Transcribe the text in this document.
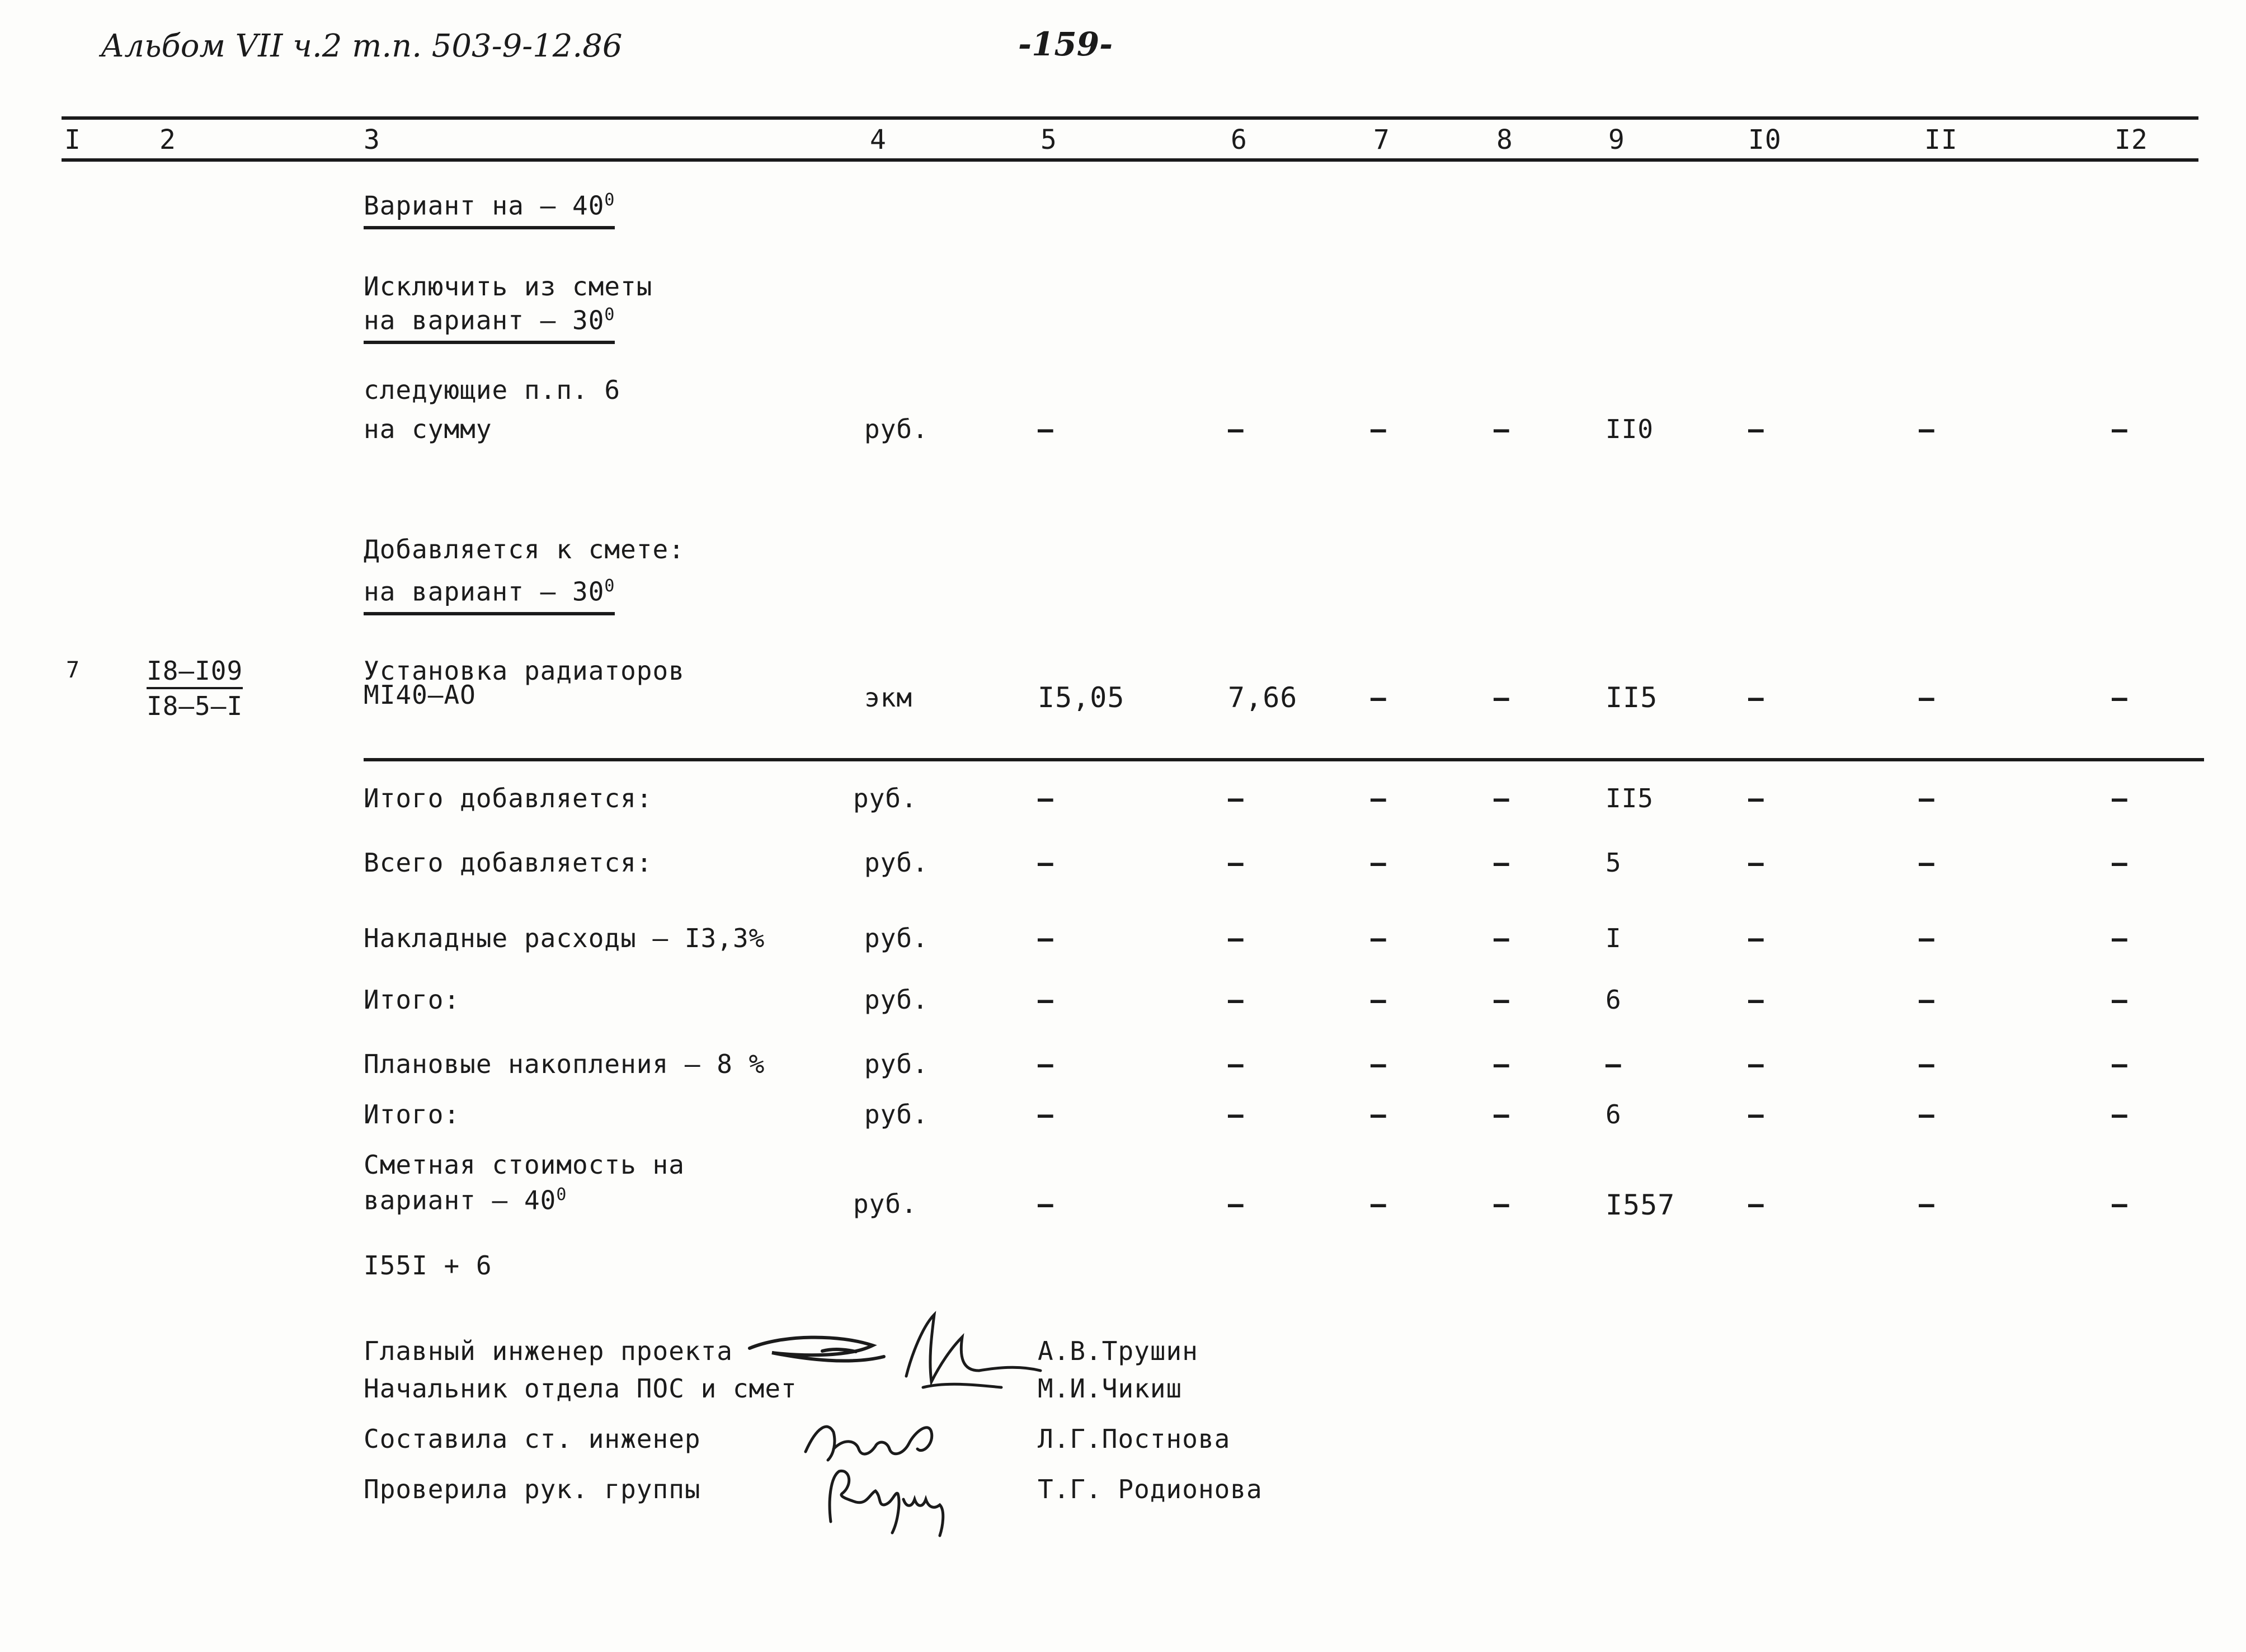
Альбом VII ч.2 т.п. 503-9-12.86	-159-
I	2	3	4	5	6	7	8	9	I0	II	I2
Вариант на – $40^0$
Исключить из сметы
на вариант – $30^0$
следующие п.п. 6
на сумму	руб.	–	–	–	–	II0	–	–	–
Добавляется к смете:
на вариант – $30^0$
7	I8–I09
I8–5–I
Установка радиаторов
МI40–АО	экм	I5,05	7,66	–	–	II5	–	–	–
Итого добавляется:	руб.	–	–	–	–	II5	–	–	–
Всего добавляется:	руб.	–	–	–	–	5	–	–	–
Накладные расходы – I3,3%	руб.	–	–	–	–	I	–	–	–
Итого:	руб.	–	–	–	–	6	–	–	–
Плановые накопления – 8 %	руб.	–	–	–	–	–	–	–	–
Итого:	руб.	–	–	–	–	6	–	–	–
Сметная стоимость на
вариант – $40^0$	руб.	–	–	–	–	I557	–	–	–
I55I + 6
Главный инженер проекта	А.В.Трушин
Начальник отдела ПОС и смет	М.И.Чикиш
Составила ст. инженер	Л.Г.Постнова
Проверила рук. группы	Т.Г. Родионова
